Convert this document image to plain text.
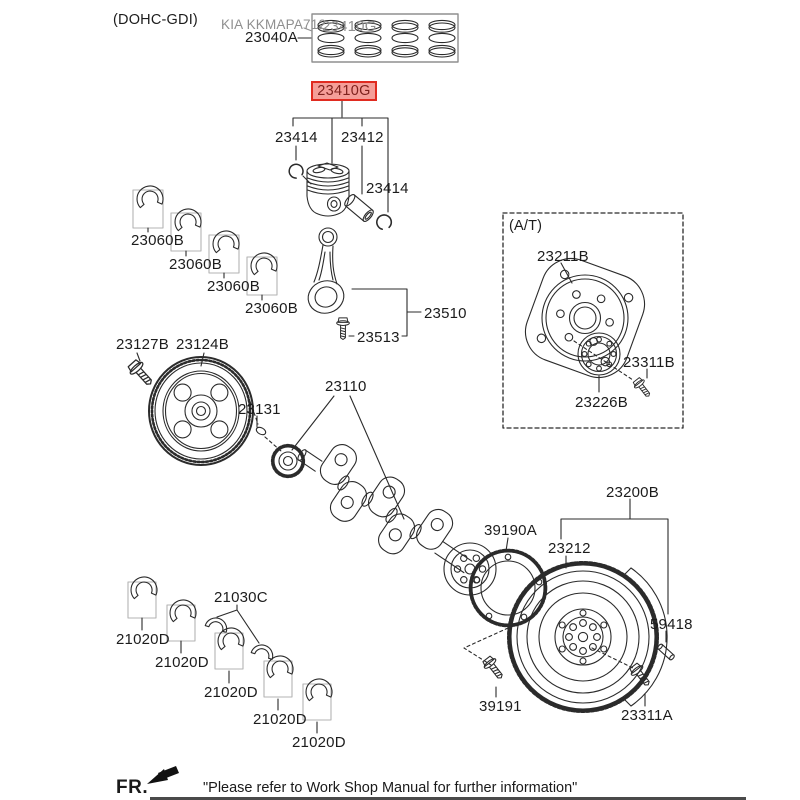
(DOHC-GDI) KIA KKMAPA712
23040A
23410G
23410G
23414 23412
23414
23060B
23060B
23060B
23060B
23127B 23124B
23131
23110
23510
23513
(A/T)
23211B
23311B
23226B
23200B
39190A
23212
59418
39191
23311A
21030C
21020D
21020D
21020D
21020D
21020D
FR.	"Please refer to Work Shop Manual for further information"
